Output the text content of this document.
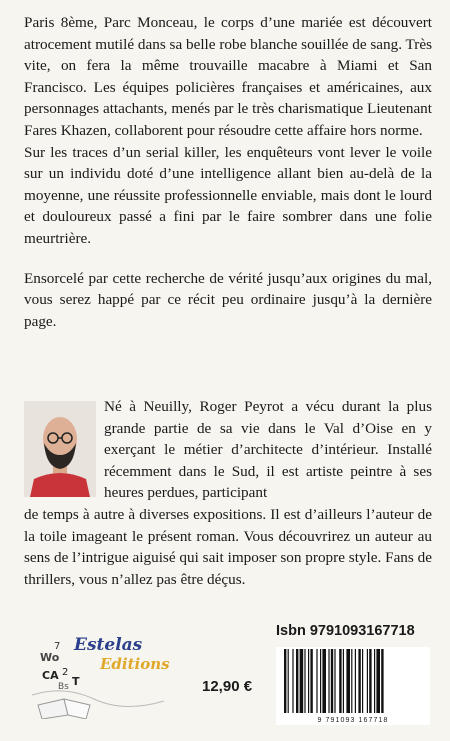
Paris 8ème, Parc Monceau, le corps d’une mariée est découvert atrocement mutilé dans sa belle robe blanche souillée de sang. Très vite, on fera la même trouvaille macabre à Miami et San Francisco. Les équipes policières françaises et américaines, aux personnages attachants, menés par le très charismatique Lieutenant Fares Khazen, collaborent pour résoudre cette affaire hors norme.

Sur les traces d’un serial killer, les enquêteurs vont lever le voile sur un individu doté d’une intelligence allant bien au-delà de la moyenne, une réussite professionnelle enviable, mais dont le lourd et douloureux passé a fini par le faire sombrer dans une folie meurtrière.

Ensorcelé par cette recherche de vérité jusqu’aux origines du mal, vous serez happé par ce récit peu ordinaire jusqu’à la dernière page.

Né à Neuilly, Roger Peyrot a vécu durant la plus grande partie de sa vie dans le Val d’Oise en y exerçant le métier d’architecte d’intérieur. Installé récemment dans le Sud, il est artiste peintre à ses heures perdues, participant
de temps à autre à diverses expositions. Il est d’ailleurs l’auteur de la toile imageant le présent roman. Vous découvrirez un auteur au sens de l’intrigue aiguisé qui sait imposer son propre style. Fans de thrillers, vous n’allez pas être déçus.
Wo
7
CA 2
Bs T
Estelas
Editions
12,90 €
Isbn 9791093167718
9 791093 167718
